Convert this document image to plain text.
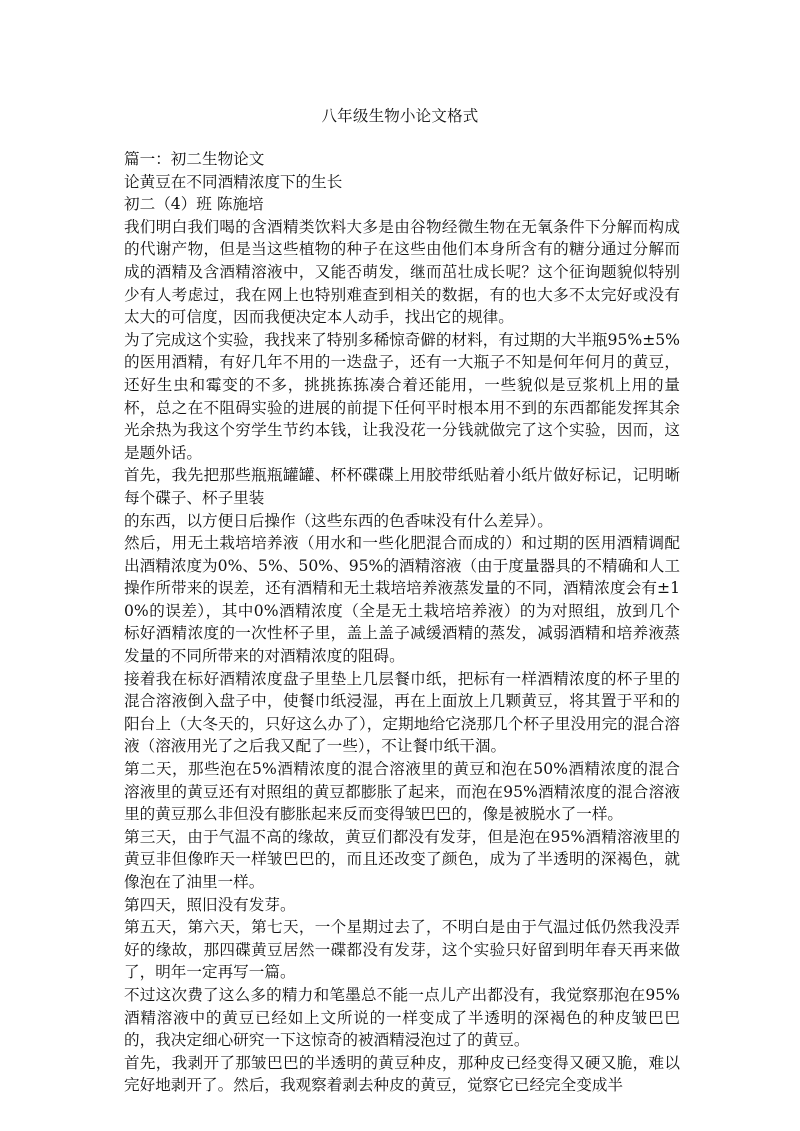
八年级生物小论文格式
篇一：初二生物论文
论黄豆在不同酒精浓度下的生长
初二（4）班 陈施培

我们明白我们喝的含酒精类饮料大多是由谷物经微生物在无氧条件下分解而构成的代谢产物，但是当这些植物的种子在这些由他们本身所含有的糖分通过分解而成的酒精及含酒精溶液中，又能否萌发，继而茁壮成长呢？这个征询题貌似特别少有人考虑过，我在网上也特别难查到相关的数据，有的也大多不太完好或没有太大的可信度，因而我便决定本人动手，找出它的规律。

为了完成这个实验，我找来了特别多稀惊奇僻的材料，有过期的大半瓶95%±5%的医用酒精，有好几年不用的一迭盘子，还有一大瓶子不知是何年何月的黄豆，还好生虫和霉变的不多，挑挑拣拣凑合着还能用，一些貌似是豆浆机上用的量杯，总之在不阻碍实验的进展的前提下任何平时根本用不到的东西都能发挥其余光余热为我这个穷学生节约本钱，让我没花一分钱就做完了这个实验，因而，这是题外话。

首先，我先把那些瓶瓶罐罐、杯杯碟碟上用胶带纸贴着小纸片做好标记，记明晰每个碟子、杯子里装

的东西，以方便日后操作（这些东西的色香味没有什么差异）。

然后，用无土栽培培养液（用水和一些化肥混合而成的）和过期的医用酒精调配出酒精浓度为0%、5%、50%、95%的酒精溶液（由于度量器具的不精确和人工操作所带来的误差，还有酒精和无土栽培培养液蒸发量的不同，酒精浓度会有±10%的误差），其中0%酒精浓度（全是无土栽培培养液）的为对照组，放到几个标好酒精浓度的一次性杯子里，盖上盖子减缓酒精的蒸发，减弱酒精和培养液蒸发量的不同所带来的对酒精浓度的阻碍。

接着我在标好酒精浓度盘子里垫上几层餐巾纸，把标有一样酒精浓度的杯子里的混合溶液倒入盘子中，使餐巾纸浸湿，再在上面放上几颗黄豆，将其置于平和的阳台上（大冬天的，只好这么办了），定期地给它浇那几个杯子里没用完的混合溶液（溶液用光了之后我又配了一些），不让餐巾纸干涸。

第二天，那些泡在5%酒精浓度的混合溶液里的黄豆和泡在50%酒精浓度的混合溶液里的黄豆还有对照组的黄豆都膨胀了起来，而泡在95%酒精浓度的混合溶液里的黄豆那么非但没有膨胀起来反而变得皱巴巴的，像是被脱水了一样。

第三天，由于气温不高的缘故，黄豆们都没有发芽，但是泡在95%酒精溶液里的黄豆非但像昨天一样皱巴巴的，而且还改变了颜色，成为了半透明的深褐色，就像泡在了油里一样。

第四天，照旧没有发芽。

第五天，第六天，第七天，一个星期过去了，不明白是由于气温过低仍然我没弄好的缘故，那四碟黄豆居然一碟都没有发芽，这个实验只好留到明年春天再来做了，明年一定再写一篇。

不过这次费了这么多的精力和笔墨总不能一点儿产出都没有，我觉察那泡在95%酒精溶液中的黄豆已经如上文所说的一样变成了半透明的深褐色的种皮皱巴巴的，我决定细心研究一下这惊奇的被酒精浸泡过了的黄豆。

首先，我剥开了那皱巴巴的半透明的黄豆种皮，那种皮已经变得又硬又脆，难以完好地剥开了。然后，我观察着剥去种皮的黄豆，觉察它已经完全变成半
